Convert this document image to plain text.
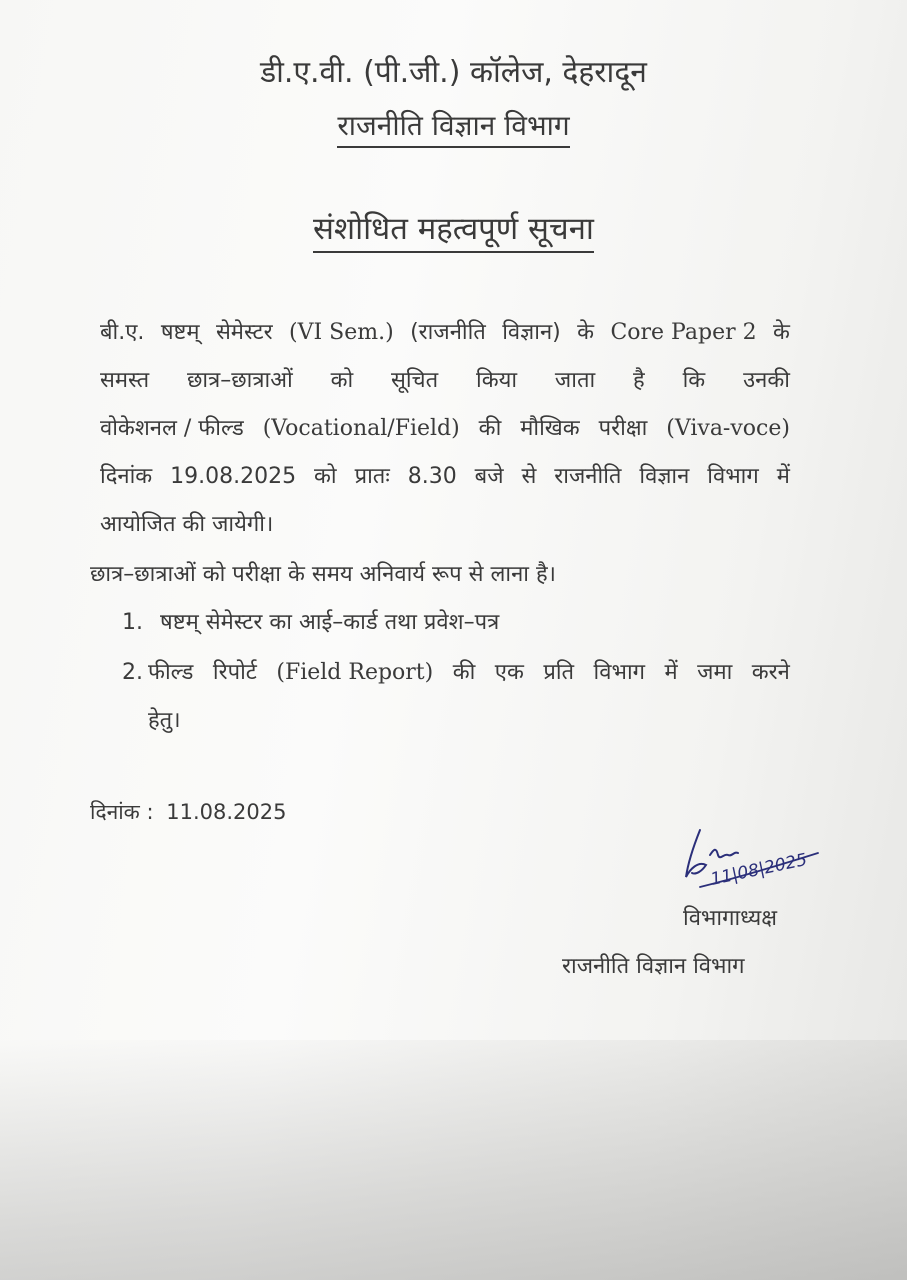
डी.ए.वी. (पी.जी.) कॉलेज, देहरादून
राजनीति विज्ञान विभाग
संशोधित महत्वपूर्ण सूचना
बी.ए. षष्टम् सेमेस्टर (VI Sem.) (राजनीति विज्ञान) के Core Paper 2 के
समस्त छात्र–छात्राओं को सूचित किया जाता है कि उनकी
वोकेशनल / फील्ड (Vocational/Field) की मौखिक परीक्षा (Viva-voce)
दिनांक 19.08.2025 को प्रातः 8.30 बजे से राजनीति विज्ञान विभाग में
आयोजित की जायेगी।
छात्र–छात्राओं को परीक्षा के समय अनिवार्य रूप से लाना है।
1. षष्टम् सेमेस्टर का आई–कार्ड तथा प्रवेश–पत्र
2. फील्ड रिपोर्ट (Field Report) की एक प्रति विभाग में जमा करने
हेतु।
दिनांक : 11.08.2025
11|08|2025
विभागाध्यक्ष
राजनीति विज्ञान विभाग
